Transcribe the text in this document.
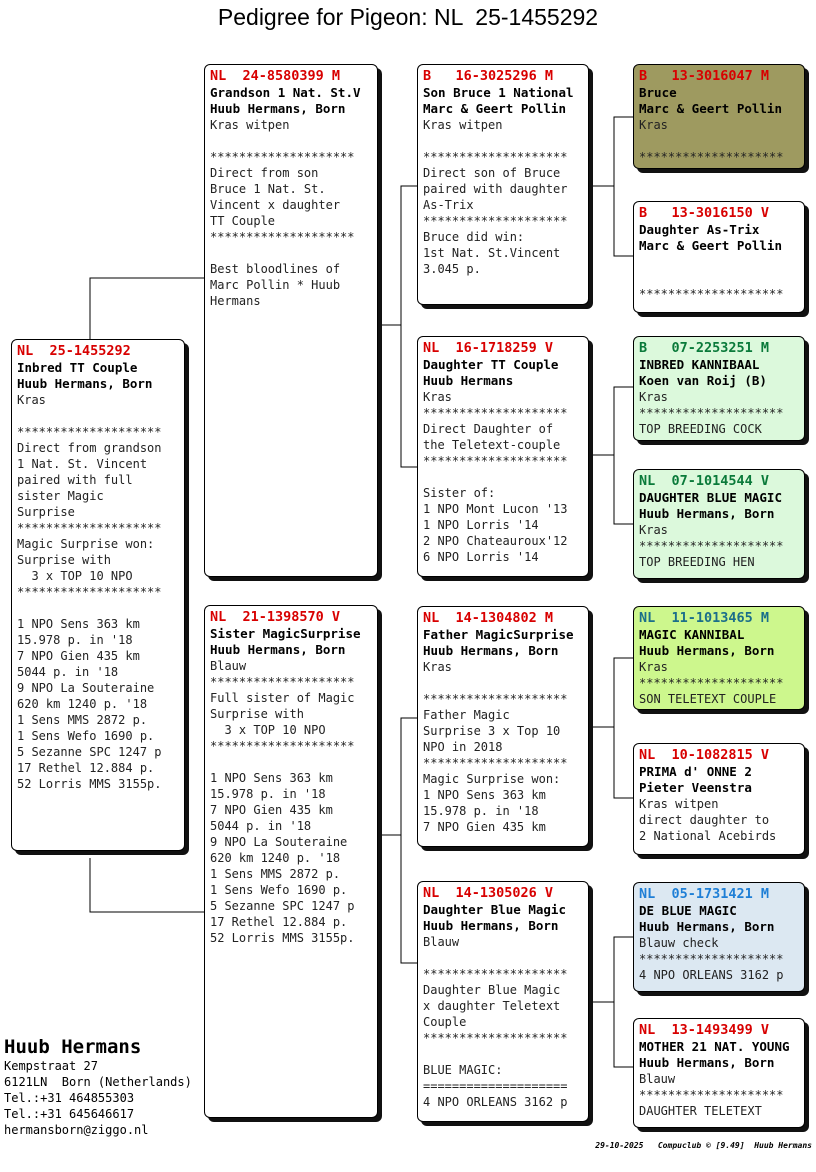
Pedigree for Pigeon: NL  25-1455292
NL  25-1455292
Inbred TT Couple
Huub Hermans, Born
Kras
********************
Direct from grandson
1 Nat. St. Vincent
paired with full
sister Magic
Surprise
********************
Magic Surprise won:
Surprise with
3 x TOP 10 NPO
********************
1 NPO Sens 363 km
15.978 p. in '18
7 NPO Gien 435 km
5044 p. in '18
9 NPO La Souteraine
620 km 1240 p. '18
1 Sens MMS 2872 p.
1 Sens Wefo 1690 p.
5 Sezanne SPC 1247 p
17 Rethel 12.884 p.
52 Lorris MMS 3155p.
NL  24-8580399 M
Grandson 1 Nat. St.V
Huub Hermans, Born
Kras witpen
********************
Direct from son
Bruce 1 Nat. St.
Vincent x daughter
TT Couple
********************
Best bloodlines of
Marc Pollin * Huub
Hermans
NL  21-1398570 V
Sister MagicSurprise
Huub Hermans, Born
Blauw
********************
Full sister of Magic
Surprise with
3 x TOP 10 NPO
********************
1 NPO Sens 363 km
15.978 p. in '18
7 NPO Gien 435 km
5044 p. in '18
9 NPO La Souteraine
620 km 1240 p. '18
1 Sens MMS 2872 p.
1 Sens Wefo 1690 p.
5 Sezanne SPC 1247 p
17 Rethel 12.884 p.
52 Lorris MMS 3155p.
B   16-3025296 M
Son Bruce 1 National
Marc & Geert Pollin
Kras witpen
********************
Direct son of Bruce
paired with daughter
As-Trix
********************
Bruce did win:
1st Nat. St.Vincent
3.045 p.
NL  16-1718259 V
Daughter TT Couple
Huub Hermans
Kras
********************
Direct Daughter of
the Teletext-couple
********************
Sister of:
1 NPO Mont Lucon '13
1 NPO Lorris '14
2 NPO Chateauroux'12
6 NPO Lorris '14
NL  14-1304802 M
Father MagicSurprise
Huub Hermans, Born
Kras
********************
Father Magic
Surprise 3 x Top 10
NPO in 2018
********************
Magic Surprise won:
1 NPO Sens 363 km
15.978 p. in '18
7 NPO Gien 435 km
NL  14-1305026 V
Daughter Blue Magic
Huub Hermans, Born
Blauw
********************
Daughter Blue Magic
x daughter Teletext
Couple
********************
BLUE MAGIC:
====================
4 NPO ORLEANS 3162 p
B   13-3016047 M
Bruce
Marc & Geert Pollin
Kras
********************
B   13-3016150 V
Daughter As-Trix
Marc & Geert Pollin
********************
B   07-2253251 M
INBRED KANNIBAAL
Koen van Roij (B)
Kras
********************
TOP BREEDING COCK
NL  07-1014544 V
DAUGHTER BLUE MAGIC
Huub Hermans, Born
Kras
********************
TOP BREEDING HEN
NL  11-1013465 M
MAGIC KANNIBAL
Huub Hermans, Born
Kras
********************
SON TELETEXT COUPLE
NL  10-1082815 V
PRIMA d' ONNE 2
Pieter Veenstra
Kras witpen
direct daughter to
2 National Acebirds
NL  05-1731421 M
DE BLUE MAGIC
Huub Hermans, Born
Blauw check
********************
4 NPO ORLEANS 3162 p
NL  13-1493499 V
MOTHER 21 NAT. YOUNG
Huub Hermans, Born
Blauw
********************
DAUGHTER TELETEXT
Huub Hermans
Kempstraat 27
6121LN  Born (Netherlands)
Tel.:+31 464855303
Tel.:+31 645646617
hermansborn@ziggo.nl
29-10-2025   Compuclub © [9.49]  Huub Hermans
